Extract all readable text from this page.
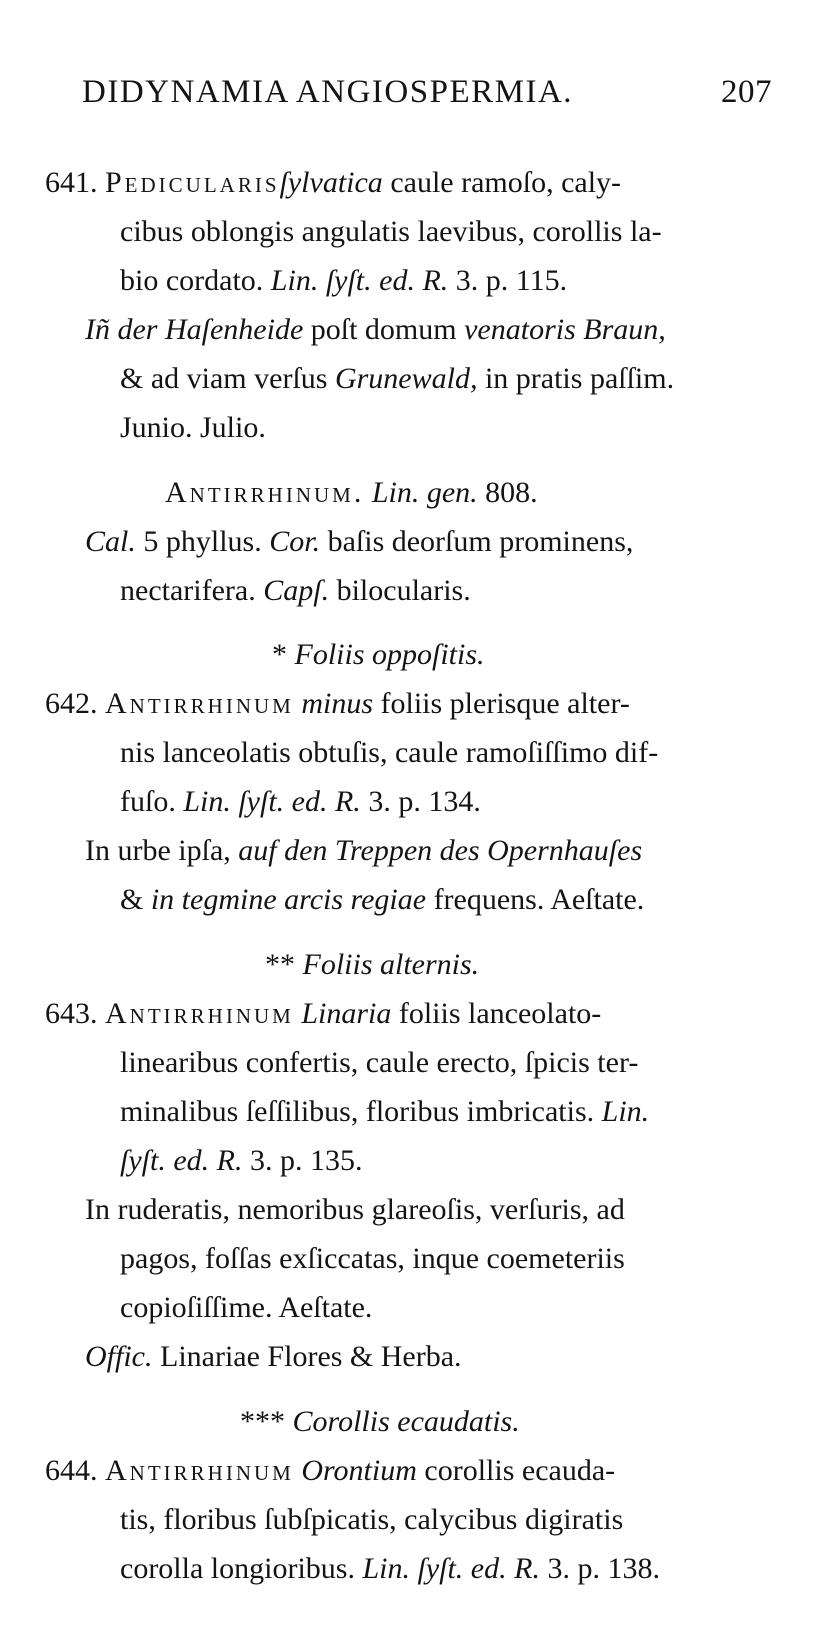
DIDYNAMIA ANGIOSPERMIA.	207
641. Pedicularisſylvatica caule ramoſo, caly-
cibus oblongis angulatis laevibus, corollis la-
bio cordato. Lin. ſyſt. ed. R. 3. p. 115.
Iñ der Haſenheide poſt domum venatoris Braun,
& ad viam verſus Grunewald, in pratis paſſim.
Junio. Julio.
Antirrhinum. Lin. gen. 808.
Cal. 5 phyllus. Cor. baſis deorſum prominens,
nectarifera. Capſ. bilocularis.
* Foliis oppoſitis.
642. Antirrhinum minus foliis plerisque alter-
nis lanceolatis obtuſis, caule ramoſiſſimo dif-
fuſo. Lin. ſyſt. ed. R. 3. p. 134.
In urbe ipſa, auf den Treppen des Opernhauſes
& in tegmine arcis regiae frequens. Aeſtate.
** Foliis alternis.
643. Antirrhinum Linaria foliis lanceolato-
linearibus confertis, caule erecto, ſpicis ter-
minalibus ſeſſilibus, floribus imbricatis. Lin.
ſyſt. ed. R. 3. p. 135.
In ruderatis, nemoribus glareoſis, verſuris, ad
pagos, foſſas exſiccatas, inque coemeteriis
copioſiſſime. Aeſtate.
Offic. Linariae Flores & Herba.
*** Corollis ecaudatis.
644. Antirrhinum Orontium corollis ecauda-
tis, floribus ſubſpicatis, calycibus digiratis
corolla longioribus. Lin. ſyſt. ed. R. 3. p. 138.
